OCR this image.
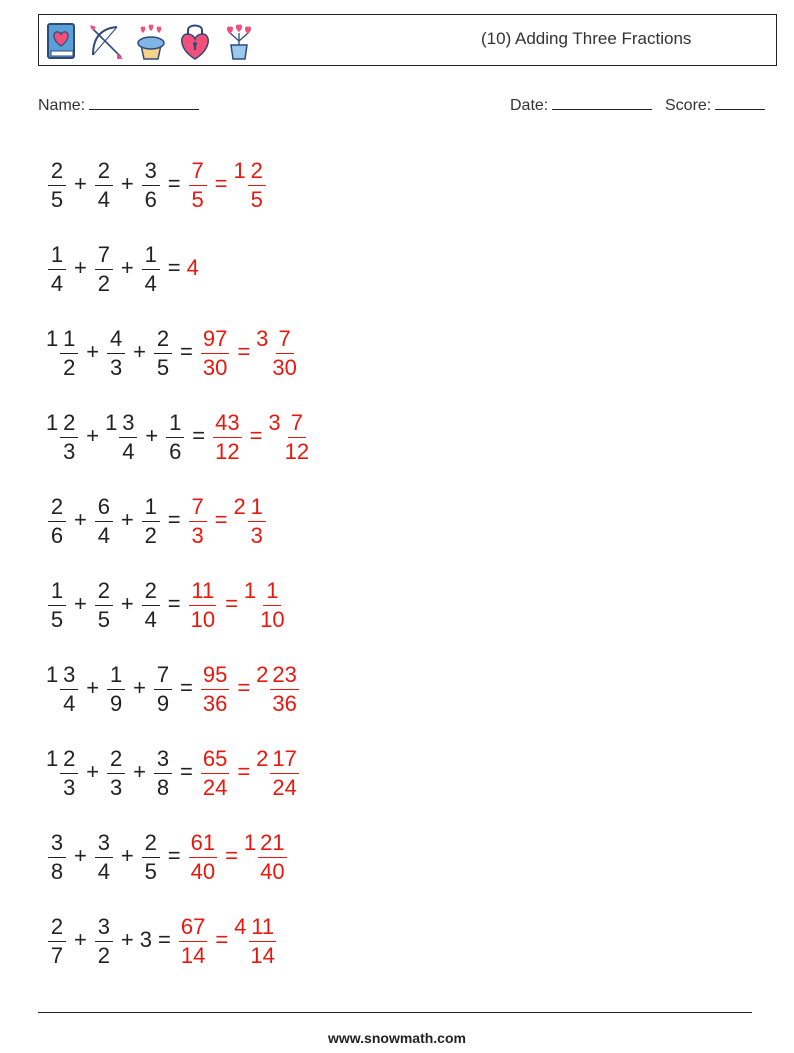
(10) Adding Three Fractions
Name:	Date:	Score:
$\frac{2}{5} + \frac{2}{4} + \frac{3}{6} = \frac{7}{5}$ =
$1 \frac{2}{5}$
$\frac{1}{4} + \frac{7}{2} + \frac{1}{4} = 4$
$1 \frac{1}{2} + \frac{4}{3} + \frac{2}{5} = \frac{97}{30}$ =
$3 \frac{7}{30}$
$1 \frac{2}{3}$ +
$1 \frac{3}{4} + \frac{1}{6} = \frac{43}{12}$ =
$3 \frac{7}{12}$
$\frac{2}{6} + \frac{6}{4} + \frac{1}{2} = \frac{7}{3}$ =
$2 \frac{1}{3}$
$\frac{1}{5} + \frac{2}{5} + \frac{2}{4} = \frac{11}{10}$ =
$1 \frac{1}{10}$
$1 \frac{3}{4} + \frac{1}{9} + \frac{7}{9} = \frac{95}{36}$ =
$2 \frac{23}{36}$
$1 \frac{2}{3} + \frac{2}{3} + \frac{3}{8} = \frac{65}{24}$ =
$2 \frac{17}{24}$
$\frac{3}{8} + \frac{3}{4} + \frac{2}{5} = \frac{61}{40}$ =
$1 \frac{21}{40}$
$\frac{2}{7} + \frac{3}{2} + 3 = \frac{67}{14}$ =
$4 \frac{11}{14}$
www.snowmath.com
